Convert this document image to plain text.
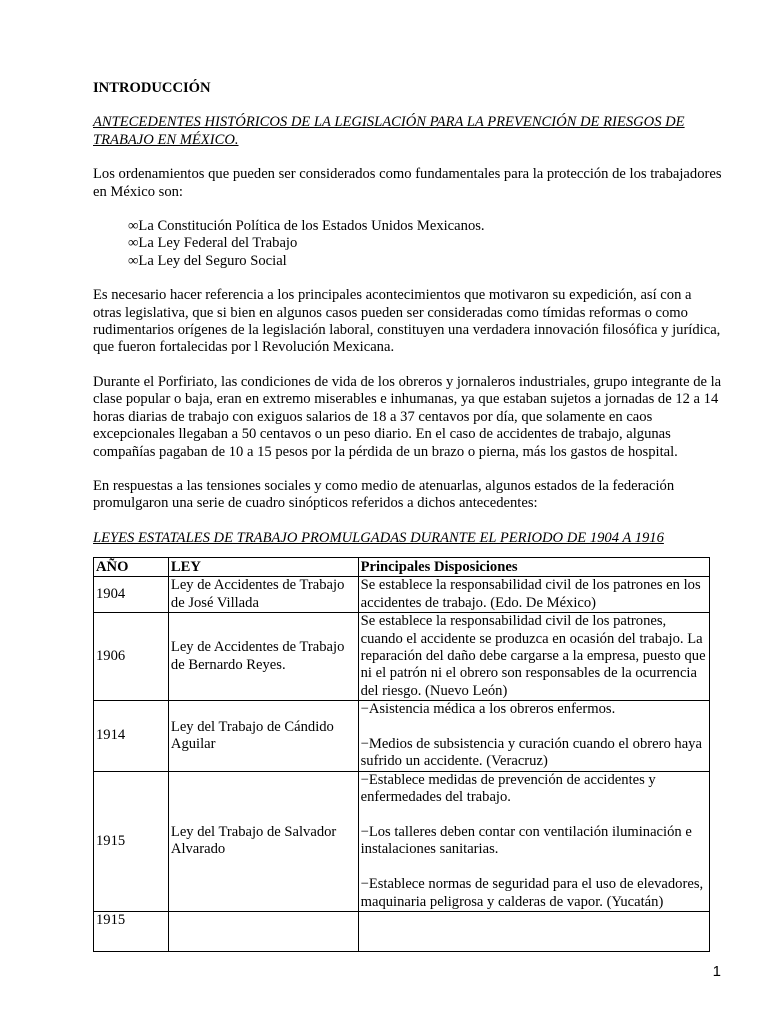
INTRODUCCIÓN

ANTECEDENTES HISTÓRICOS DE LA LEGISLACIÓN PARA LA PREVENCIÓN DE RIESGOS DE TRABAJO EN MÉXICO.

Los ordenamientos que pueden ser considerados como fundamentales para la protección de los trabajadores en México son:

∞La Constitución Política de los Estados Unidos Mexicanos.
∞La Ley Federal del Trabajo
∞La Ley del Seguro Social

Es necesario hacer referencia a los principales acontecimientos que motivaron su expedición, así con a otras legislativa, que si bien en algunos casos pueden ser consideradas como tímidas reformas o como rudimentarios orígenes de la legislación laboral, constituyen una verdadera innovación filosófica y jurídica, que fueron fortalecidas por l Revolución Mexicana.

Durante el Porfiriato, las condiciones de vida de los obreros y jornaleros industriales, grupo integrante de la clase popular o baja, eran en extremo miserables e inhumanas, ya que estaban sujetos a jornadas de 12 a 14 horas diarias de trabajo con exiguos salarios de 18 a 37 centavos por día, que solamente en caos excepcionales llegaban a 50 centavos o un peso diario. En el caso de accidentes de trabajo, algunas compañías pagaban de 10 a 15 pesos por la pérdida de un brazo o pierna, más los gastos de hospital.

En respuestas a las tensiones sociales y como medio de atenuarlas, algunos estados de la federación promulgaron una serie de cuadro sinópticos referidos a dichos antecedentes:

LEYES ESTATALES DE TRABAJO PROMULGADAS DURANTE EL PERIODO DE 1904 A 1916

AÑO	LEY	Principales Disposiciones
1904	Ley de Accidentes de Trabajo de José Villada	Se establece la responsabilidad civil de los patrones en los accidentes de trabajo. (Edo. De México)

1906	Ley de Accidentes de Trabajo de Bernardo Reyes.	Se establece la responsabilidad civil de los patrones, cuando el accidente se produzca en ocasión del trabajo. La reparación del daño debe cargarse a la empresa, puesto que ni el patrón ni el obrero son responsables de la ocurrencia del riesgo. (Nuevo León)

1914	Ley del Trabajo de Cándido Aguilar	−Asistencia médica a los obreros enfermos.
−Medios de subsistencia y curación cuando el obrero haya sufrido un accidente. (Veracruz)

1915	Ley del Trabajo de Salvador Alvarado	−Establece medidas de prevención de accidentes y enfermedades del trabajo.
−Los talleres deben contar con ventilación iluminación e instalaciones sanitarias.
−Establece normas de seguridad para el uso de elevadores, maquinaria peligrosa y calderas de vapor. (Yucatán)

1915		
1
